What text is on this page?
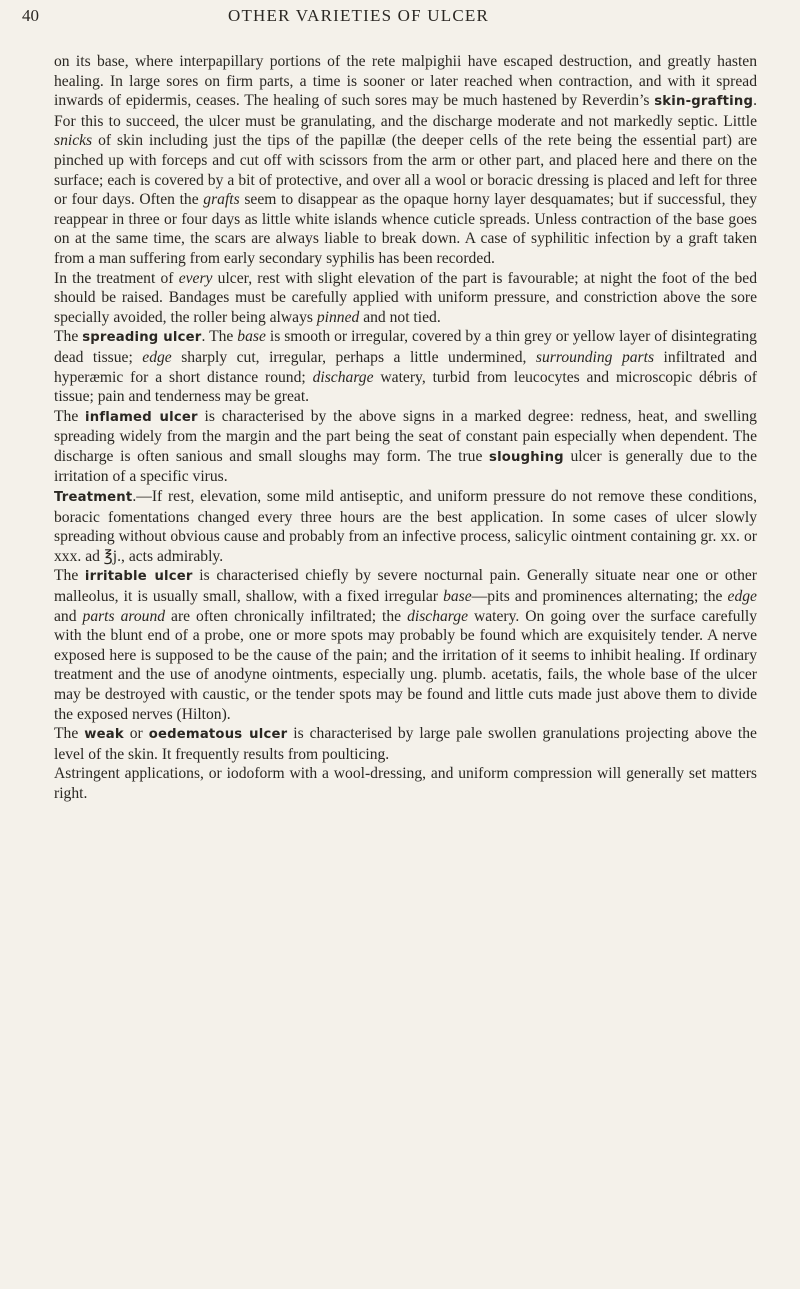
40	OTHER VARIETIES OF ULCER

on its base, where interpapillary portions of the rete malpighii have escaped destruction, and greatly hasten healing. In large sores on firm parts, a time is sooner or later reached when contraction, and with it spread inwards of epidermis, ceases. The healing of such sores may be much hastened by Reverdin’s skin-grafting. For this to succeed, the ulcer must be granulating, and the discharge moderate and not markedly septic. Little snicks of skin including just the tips of the papillæ (the deeper cells of the rete being the essential part) are pinched up with forceps and cut off with scissors from the arm or other part, and placed here and there on the surface; each is covered by a bit of protective, and over all a wool or boracic dressing is placed and left for three or four days. Often the grafts seem to disappear as the opaque horny layer desquamates; but if successful, they reappear in three or four days as little white islands whence cuticle spreads. Unless contraction of the base goes on at the same time, the scars are always liable to break down. A case of syphilitic infection by a graft taken from a man suffering from early secondary syphilis has been recorded.

In the treatment of every ulcer, rest with slight elevation of the part is favourable; at night the foot of the bed should be raised. Bandages must be carefully applied with uniform pressure, and constriction above the sore specially avoided, the roller being always pinned and not tied.

The spreading ulcer. The base is smooth or irregular, covered by a thin grey or yellow layer of disintegrating dead tissue; edge sharply cut, irregular, perhaps a little undermined, surrounding parts infiltrated and hyperæmic for a short distance round; discharge watery, turbid from leucocytes and microscopic débris of tissue; pain and tenderness may be great.

The inflamed ulcer is characterised by the above signs in a marked degree: redness, heat, and swelling spreading widely from the margin and the part being the seat of constant pain especially when dependent. The discharge is often sanious and small sloughs may form. The true sloughing ulcer is generally due to the irritation of a specific virus.

Treatment.—If rest, elevation, some mild antiseptic, and uniform pressure do not remove these conditions, boracic fomentations changed every three hours are the best application. In some cases of ulcer slowly spreading without obvious cause and probably from an infective process, salicylic ointment containing gr. xx. or xxx. ad ℥j., acts admirably.

The irritable ulcer is characterised chiefly by severe nocturnal pain. Generally situate near one or other malleolus, it is usually small, shallow, with a fixed irregular base—pits and prominences alternating; the edge and parts around are often chronically infiltrated; the discharge watery. On going over the surface carefully with the blunt end of a probe, one or more spots may probably be found which are exquisitely tender. A nerve exposed here is supposed to be the cause of the pain; and the irritation of it seems to inhibit healing. If ordinary treatment and the use of anodyne ointments, especially ung. plumb. acetatis, fails, the whole base of the ulcer may be destroyed with caustic, or the tender spots may be found and little cuts made just above them to divide the exposed nerves (Hilton).

The weak or oedematous ulcer is characterised by large pale swollen granulations projecting above the level of the skin. It frequently results from poulticing.

Astringent applications, or iodoform with a wool-dressing, and uniform compression will generally set matters right.
